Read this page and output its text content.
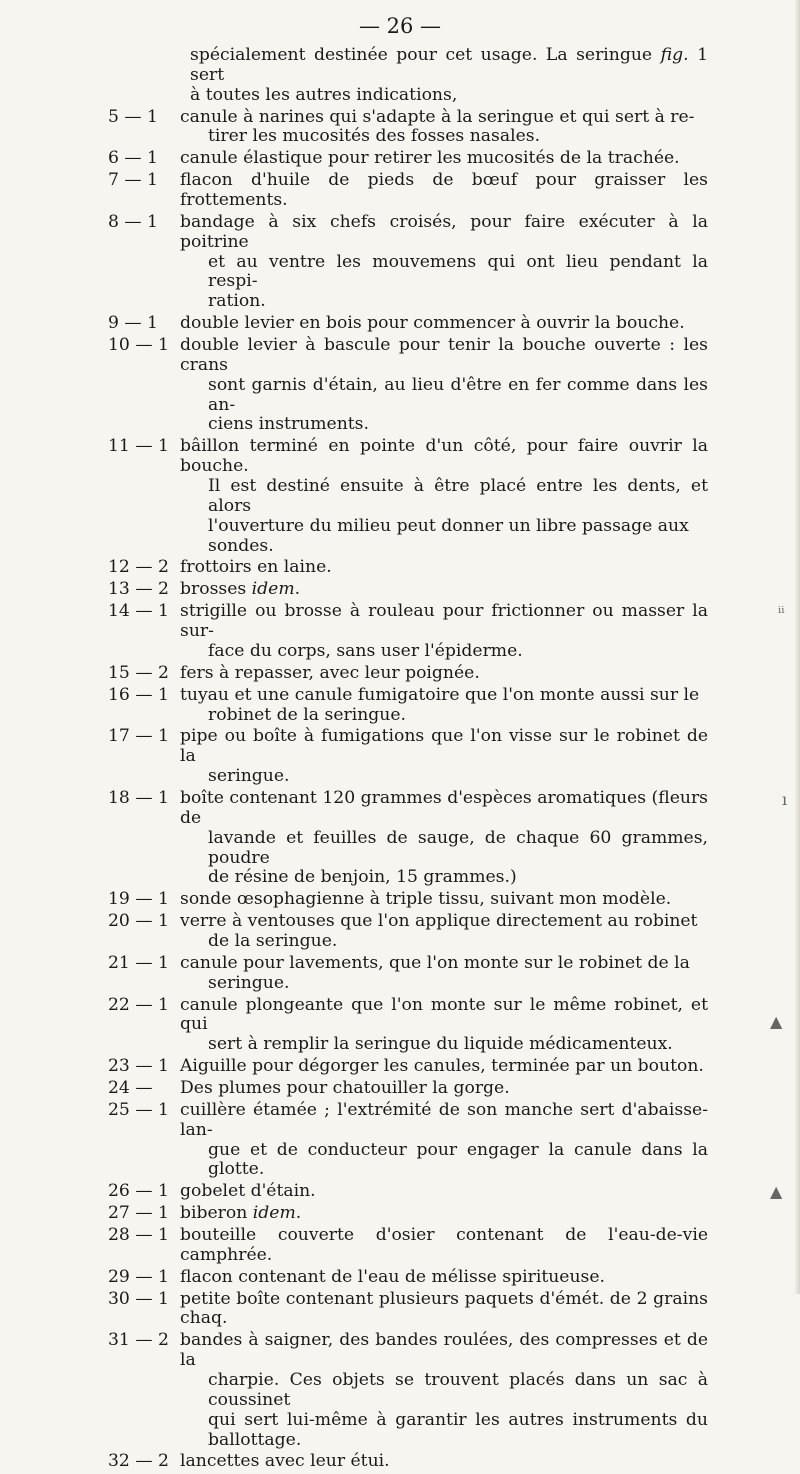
— 26 —
spécialement destinée pour cet usage. La seringue fig. 1 sert
à toutes les autres indications,
5 — 1	canule à narines qui s'adapte à la seringue et qui sert à re-
tirer les mucosités des fosses nasales.
6 — 1	canule élastique pour retirer les mucosités de la trachée.
7 — 1	flacon d'huile de pieds de bœuf pour graisser les frottements.
8 — 1	bandage à six chefs croisés, pour faire exécuter à la poitrine
et au ventre les mouvemens qui ont lieu pendant la respi-
ration.
9 — 1	double levier en bois pour commencer à ouvrir la bouche.
10 — 1 double levier à bascule pour tenir la bouche ouverte : les crans
sont garnis d'étain, au lieu d'être en fer comme dans les an-
ciens instruments.
11 — 1 bâillon terminé en pointe d'un côté, pour faire ouvrir la bouche.
Il est destiné ensuite à être placé entre les dents, et alors
l'ouverture du milieu peut donner un libre passage aux
sondes.
12 — 2 frottoirs en laine.
13 — 2 brosses idem.
14 — 1 strigille ou brosse à rouleau pour frictionner ou masser la sur-
face du corps, sans user l'épiderme.
15 — 2 fers à repasser, avec leur poignée.
16 — 1 tuyau et une canule fumigatoire que l'on monte aussi sur le
robinet de la seringue.
17 — 1 pipe ou boîte à fumigations que l'on visse sur le robinet de la
seringue.
18 — 1 boîte contenant 120 grammes d'espèces aromatiques (fleurs de
lavande et feuilles de sauge, de chaque 60 grammes, poudre
de résine de benjoin, 15 grammes.)
19 — 1 sonde œsophagienne à triple tissu, suivant mon modèle.
20 — 1 verre à ventouses que l'on applique directement au robinet
de la seringue.
21 — 1 canule pour lavements, que l'on monte sur le robinet de la
seringue.
22 — 1 canule plongeante que l'on monte sur le même robinet, et qui
sert à remplir la seringue du liquide médicamenteux.
23 — 1 Aiguille pour dégorger les canules, terminée par un bouton.
24 —	Des plumes pour chatouiller la gorge.
25 — 1 cuillère étamée ; l'extrémité de son manche sert d'abaisse-lan-
gue et de conducteur pour engager la canule dans la glotte.
26 — 1 gobelet d'étain.
27 — 1 biberon idem.
28 — 1 bouteille couverte d'osier contenant de l'eau-de-vie camphrée.
29 — 1 flacon contenant de l'eau de mélisse spiritueuse.
30 — 1 petite boîte contenant plusieurs paquets d'émét. de 2 grains chaq.
31 — 2 bandes à saigner, des bandes roulées, des compresses et de la
charpie. Ces objets se trouvent placés dans un sac à coussinet
qui sert lui-même à garantir les autres instruments du ballottage.
32 — 2 lancettes avec leur étui.
ᵢᵢ
ı
▲
▲
